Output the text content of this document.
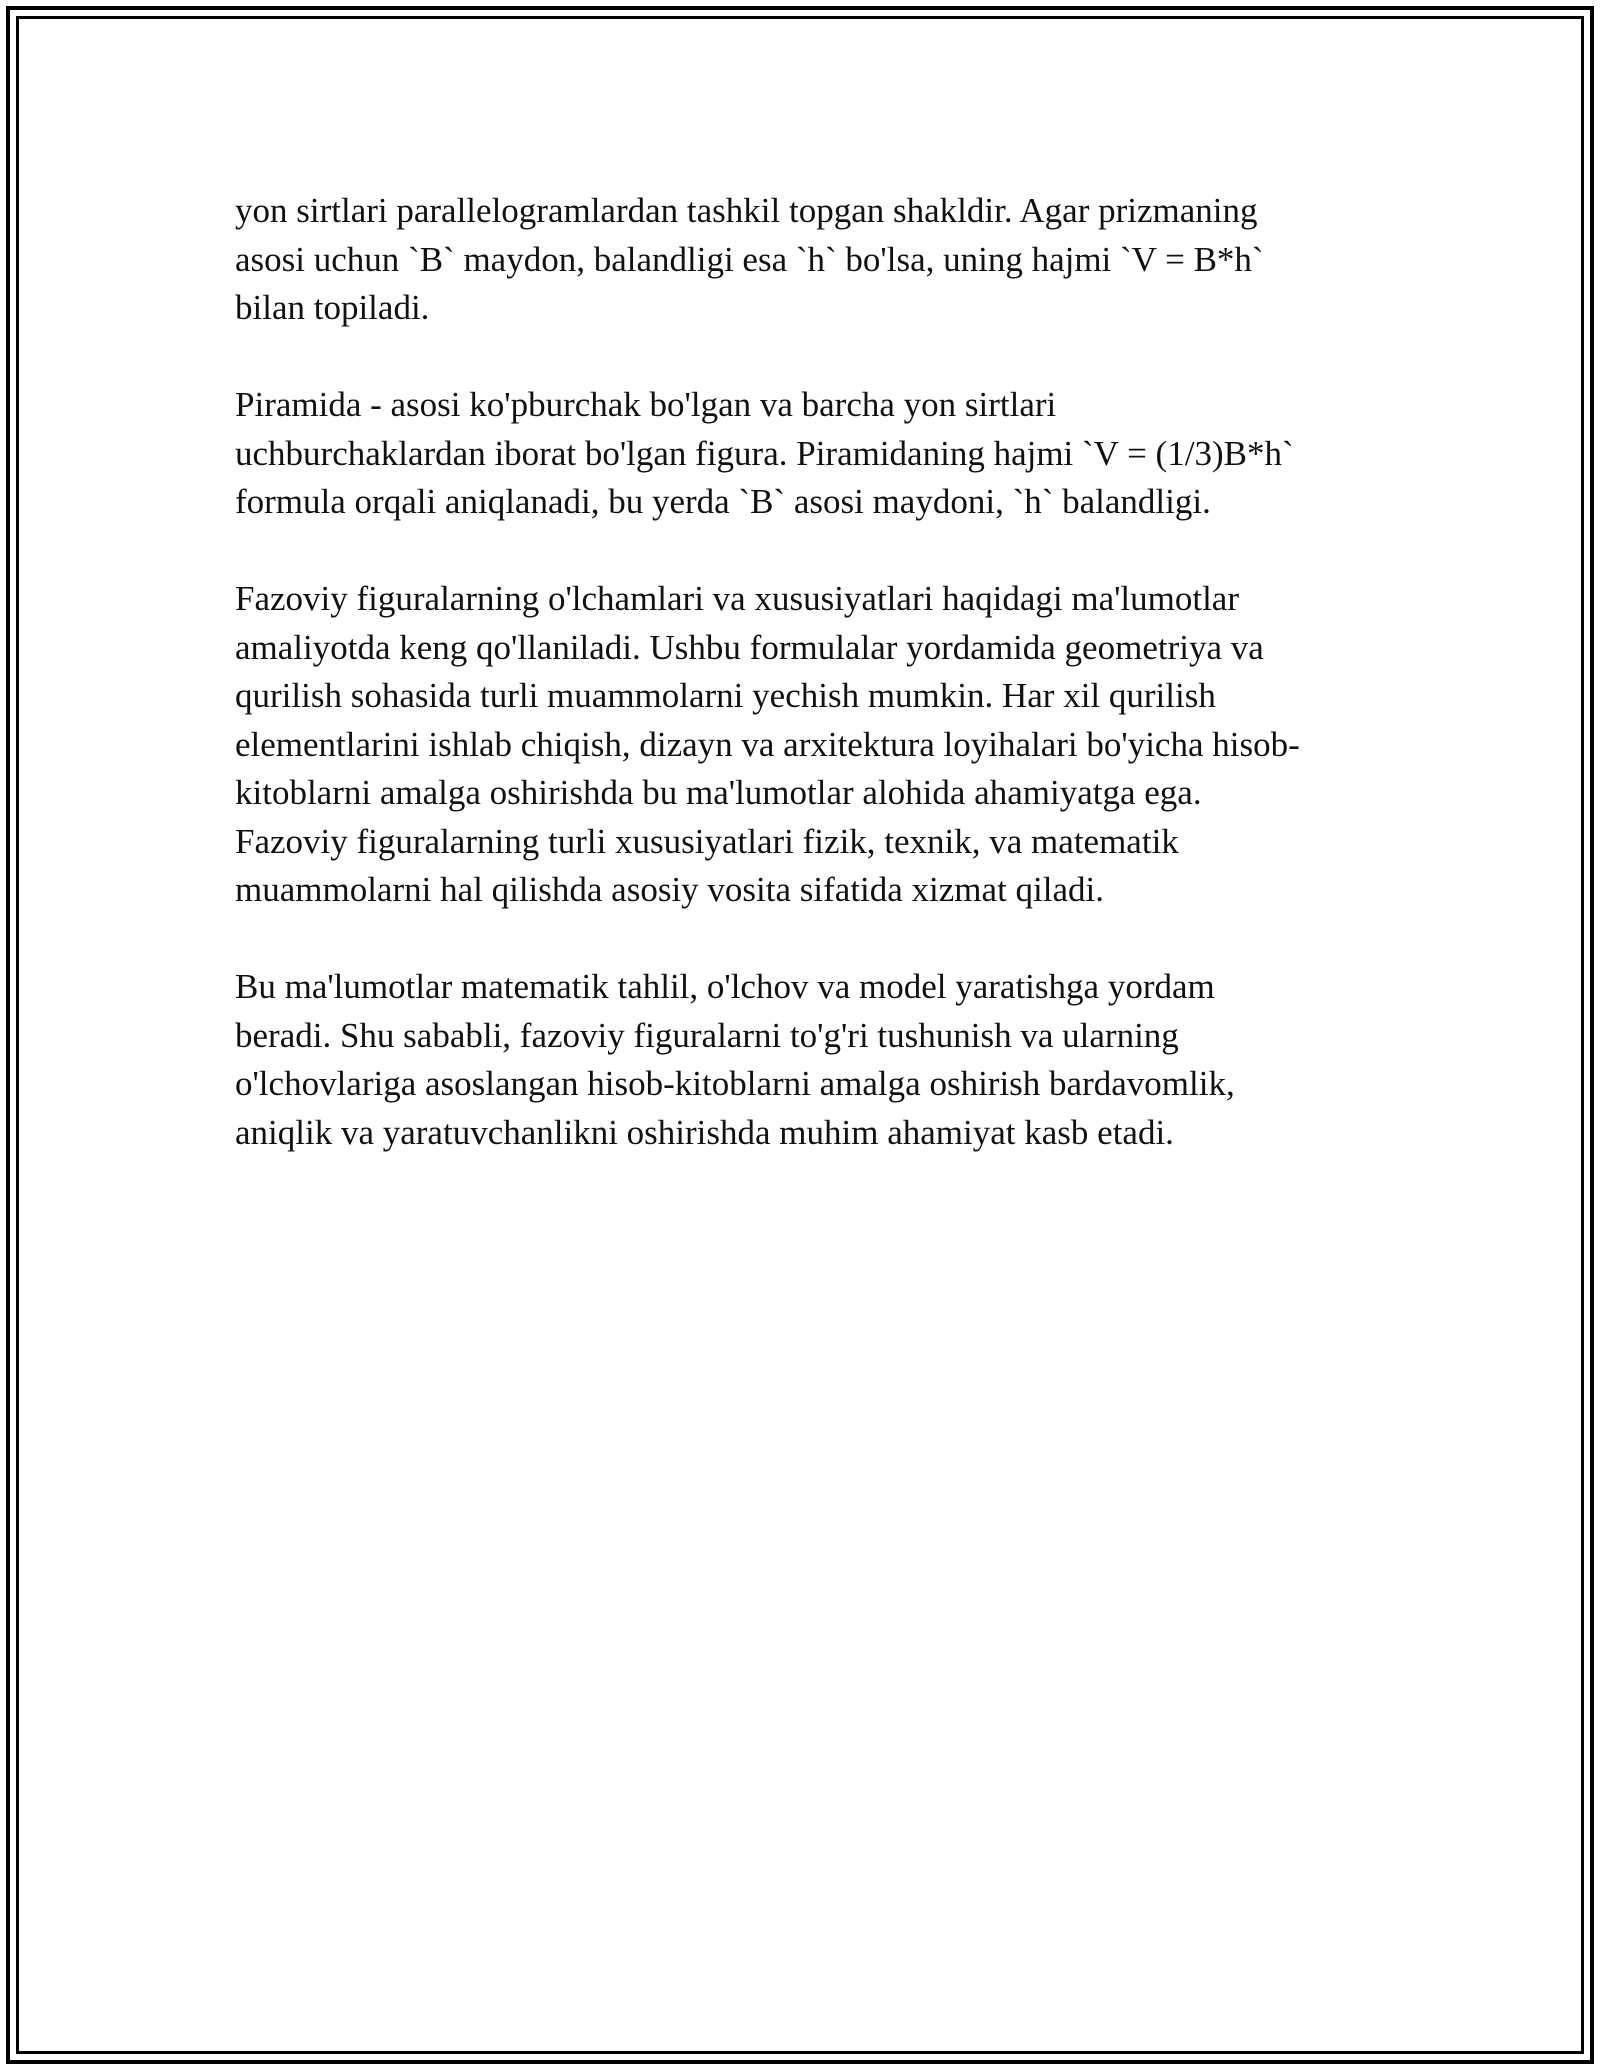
yon sirtlari parallelogramlardan tashkil topgan shakldir. Agar prizmaning
asosi uchun `B` maydon, balandligi esa `h` bo'lsa, uning hajmi `V = B*h`
bilan topiladi.

Piramida - asosi ko'pburchak bo'lgan va barcha yon sirtlari
uchburchaklardan iborat bo'lgan figura. Piramidaning hajmi `V = (1/3)B*h`
formula orqali aniqlanadi, bu yerda `B` asosi maydoni, `h` balandligi.

Fazoviy figuralarning o'lchamlari va xususiyatlari haqidagi ma'lumotlar
amaliyotda keng qo'llaniladi. Ushbu formulalar yordamida geometriya va
qurilish sohasida turli muammolarni yechish mumkin. Har xil qurilish
elementlarini ishlab chiqish, dizayn va arxitektura loyihalari bo'yicha hisob-
kitoblarni amalga oshirishda bu ma'lumotlar alohida ahamiyatga ega.
Fazoviy figuralarning turli xususiyatlari fizik, texnik, va matematik
muammolarni hal qilishda asosiy vosita sifatida xizmat qiladi.

Bu ma'lumotlar matematik tahlil, o'lchov va model yaratishga yordam
beradi. Shu sababli, fazoviy figuralarni to'g'ri tushunish va ularning
o'lchovlariga asoslangan hisob-kitoblarni amalga oshirish bardavomlik,
aniqlik va yaratuvchanlikni oshirishda muhim ahamiyat kasb etadi.
